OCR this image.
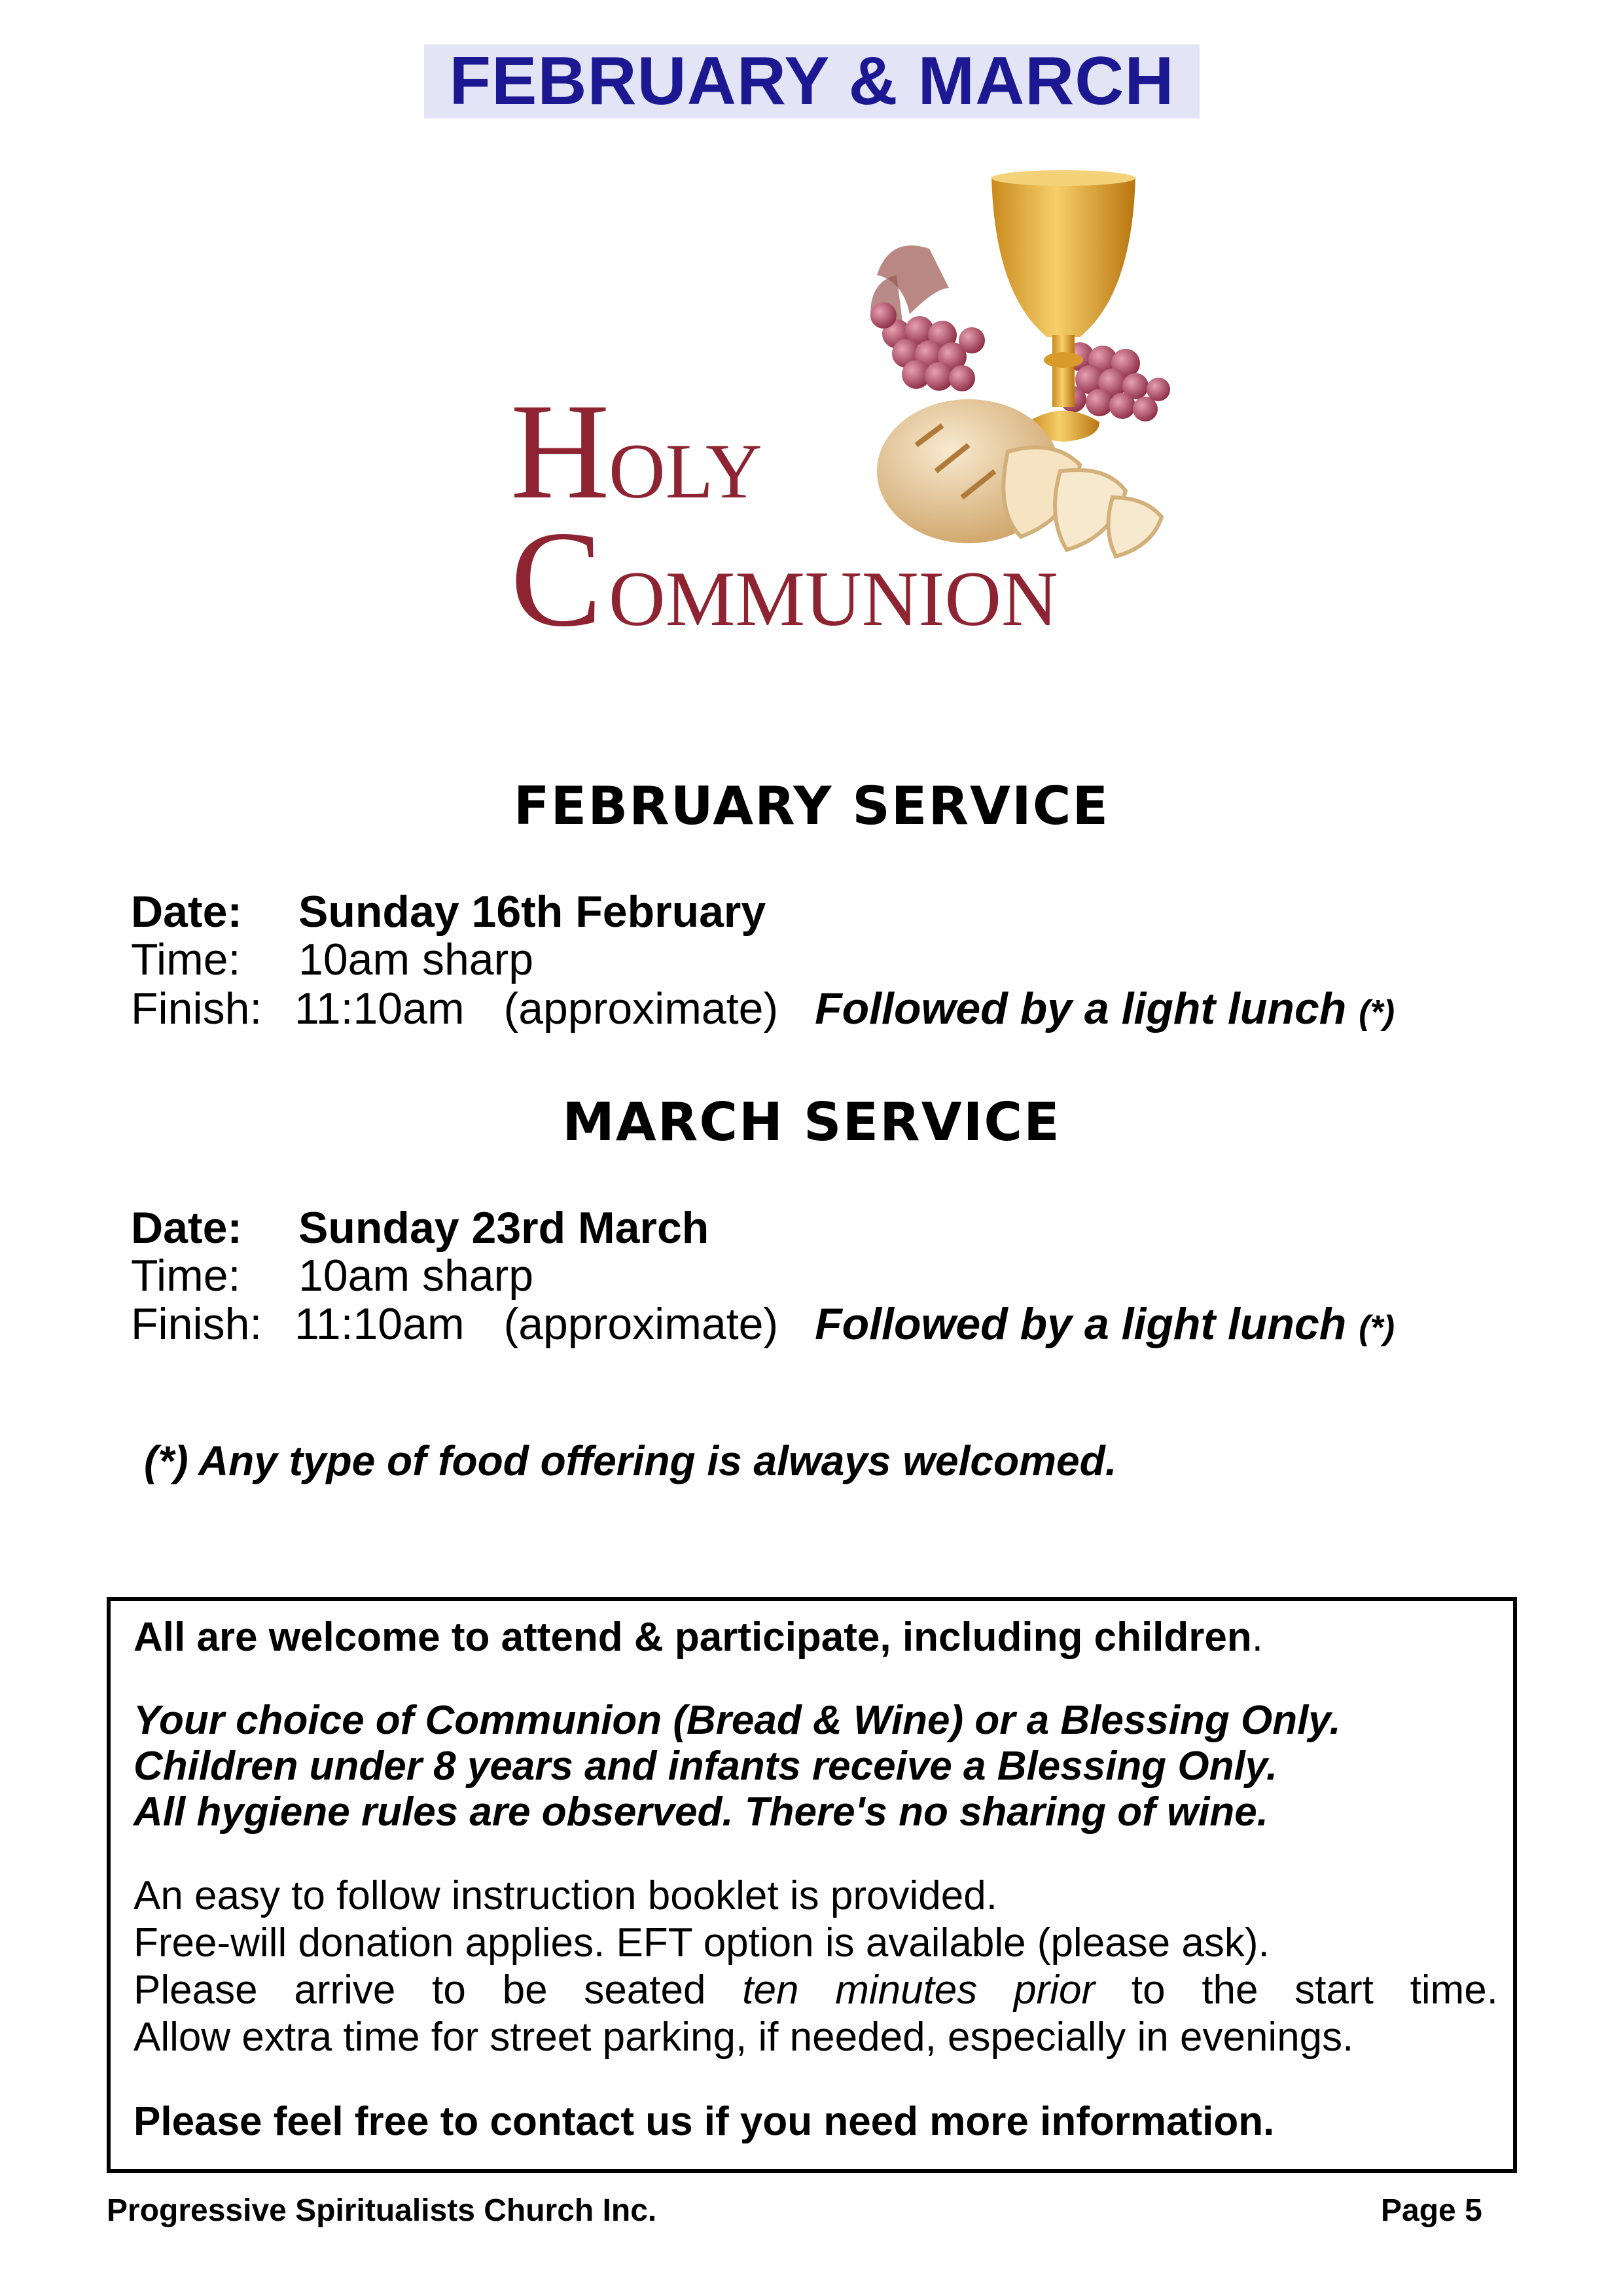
FEBRUARY & MARCH
H
OLY
C OMMUNION
FEBRUARY SERVICE
Date: Sunday 16th February
Time: 10am sharp
Finish: 11:10am (approximate) Followed by a light lunch (*)
MARCH SERVICE
Date: Sunday 23rd March
Time: 10am sharp
Finish: 11:10am (approximate) Followed by a light lunch (*)
(*) Any type of food offering is always welcomed.
All are welcome to attend & participate, including children.
Your choice of Communion (Bread & Wine) or a Blessing Only.
Children under 8 years and infants receive a Blessing Only.
All hygiene rules are observed. There's no sharing of wine.
An easy to follow instruction booklet is provided.
Free-will donation applies. EFT option is available (please ask).
Please arrive to be seated ten minutes prior to the start time.
Allow extra time for street parking, if needed, especially in evenings.
Please feel free to contact us if you need more information.
Progressive Spiritualists Church Inc.	Page 5
